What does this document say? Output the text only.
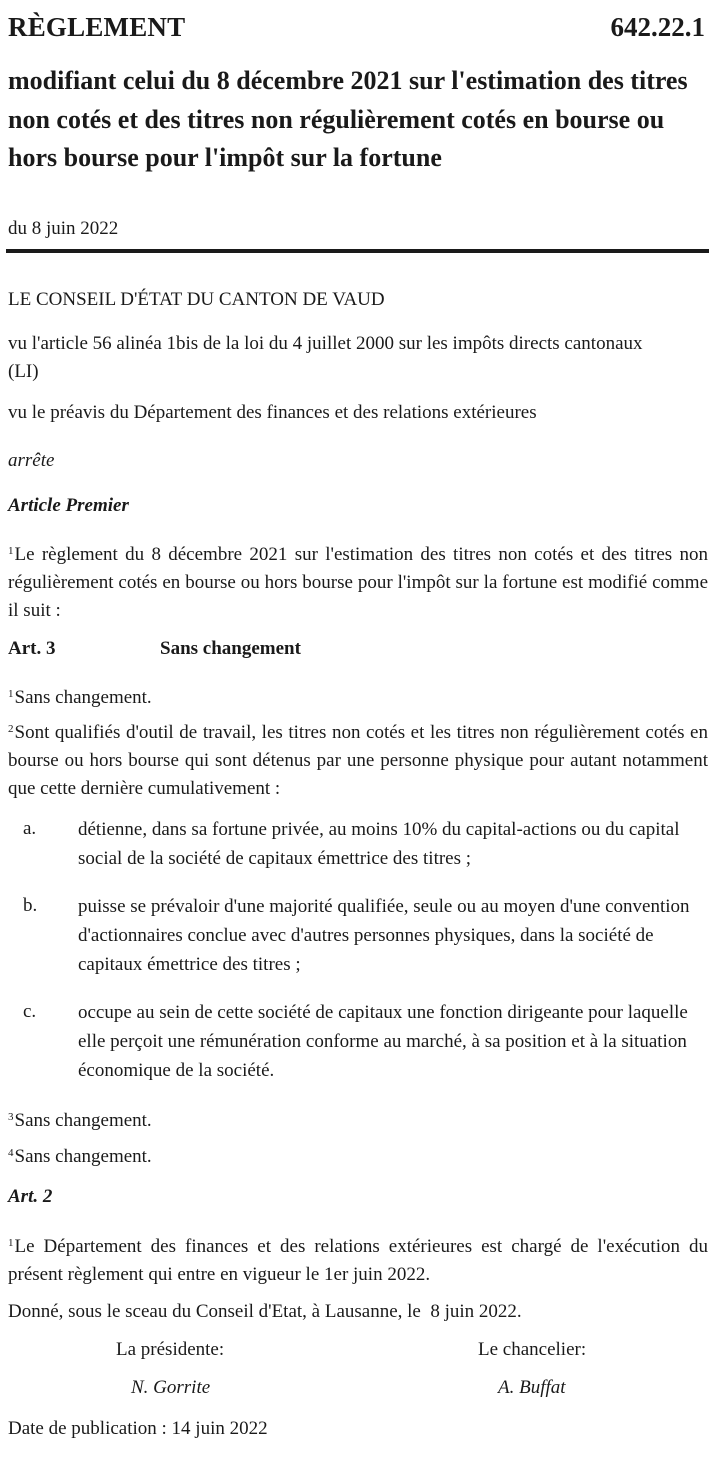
RÈGLEMENT	642.22.1
modifiant celui du 8 décembre 2021 sur l'estimation des titres non cotés et des titres non régulièrement cotés en bourse ou hors bourse pour l'impôt sur la fortune
du 8 juin 2022
LE CONSEIL D'ÉTAT DU CANTON DE VAUD
vu l'article 56 alinéa 1bis de la loi du 4 juillet 2000 sur les impôts directs cantonaux (LI)
vu le préavis du Département des finances et des relations extérieures
arrête
Article Premier
$^1$Le règlement du 8 décembre 2021 sur l'estimation des titres non cotés et des titres non régulièrement cotés en bourse ou hors bourse pour l'impôt sur la fortune est modifié comme il suit :
Art. 3	Sans changement
$^1$Sans changement.
$^2$Sont qualifiés d'outil de travail, les titres non cotés et les titres non régulièrement cotés en bourse ou hors bourse qui sont détenus par une personne physique pour autant notamment que cette dernière cumulativement :
a. détienne, dans sa fortune privée, au moins 10% du capital-actions ou du capital social de la société de capitaux émettrice des titres ;
b. puisse se prévaloir d'une majorité qualifiée, seule ou au moyen d'une convention d'actionnaires conclue avec d'autres personnes physiques, dans la société de capitaux émettrice des titres ;
c. occupe au sein de cette société de capitaux une fonction dirigeante pour laquelle elle perçoit une rémunération conforme au marché, à sa position et à la situation économique de la société.
$^3$Sans changement.
$^4$Sans changement.
Art. 2
$^1$Le Département des finances et des relations extérieures est chargé de l'exécution du présent règlement qui entre en vigueur le 1er juin 2022.
Donné, sous le sceau du Conseil d'Etat, à Lausanne, le  8 juin 2022.
La présidente:
N. Gorrite
Le chancelier:
A. Buffat
Date de publication : 14 juin 2022
